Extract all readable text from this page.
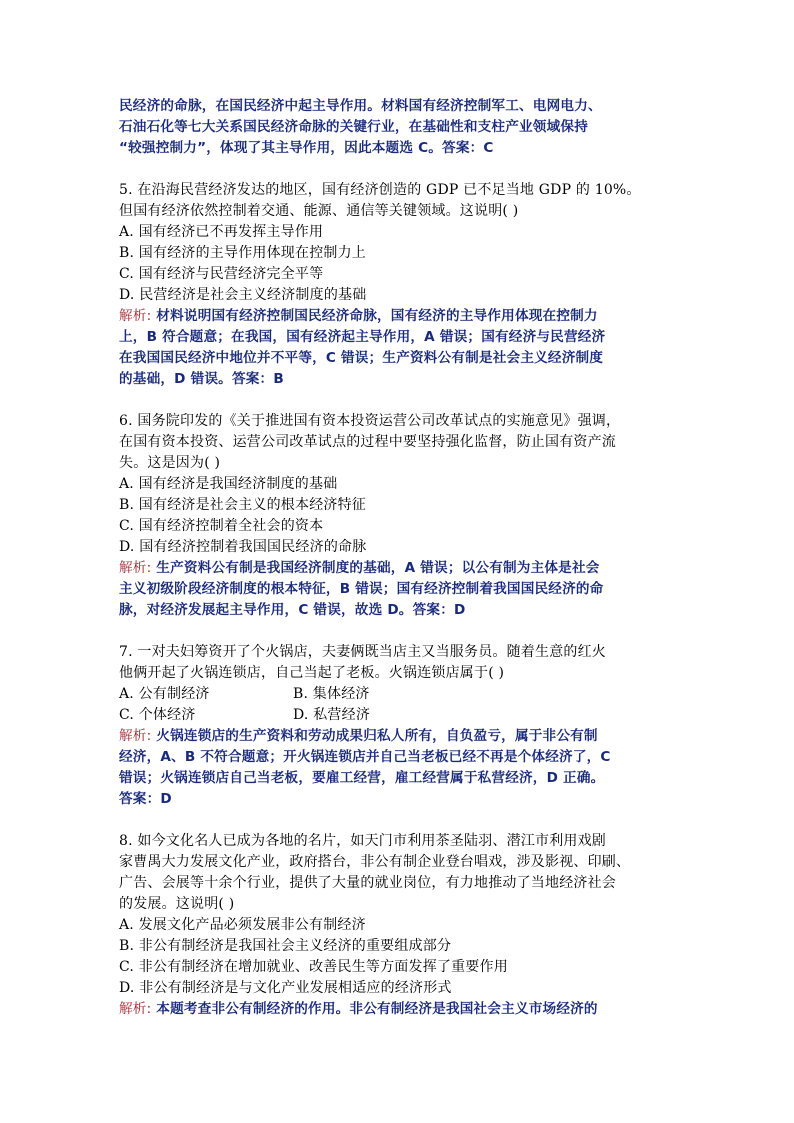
民经济的命脉，在国民经济中起主导作用。材料国有经济控制军工、电网电力、
石油石化等七大关系国民经济命脉的关键行业，在基础性和支柱产业领域保持
“较强控制力”，体现了其主导作用，因此本题选 C。答案：C
5. 在沿海民营经济发达的地区，国有经济创造的 GDP 已不足当地 GDP 的 10%。
但国有经济依然控制着交通、能源、通信等关键领域。这说明( )
A. 国有经济已不再发挥主导作用
B. 国有经济的主导作用体现在控制力上
C. 国有经济与民营经济完全平等
D. 民营经济是社会主义经济制度的基础
解析: 材料说明国有经济控制国民经济命脉，国有经济的主导作用体现在控制力
上，B 符合题意；在我国，国有经济起主导作用，A 错误；国有经济与民营经济
在我国国民经济中地位并不平等，C 错误；生产资料公有制是社会主义经济制度
的基础，D 错误。答案：B
6. 国务院印发的《关于推进国有资本投资运营公司改革试点的实施意见》强调，
在国有资本投资、运营公司改革试点的过程中要坚持强化监督，防止国有资产流
失。这是因为( )
A. 国有经济是我国经济制度的基础
B. 国有经济是社会主义的根本经济特征
C. 国有经济控制着全社会的资本
D. 国有经济控制着我国国民经济的命脉
解析: 生产资料公有制是我国经济制度的基础，A 错误；以公有制为主体是社会
主义初级阶段经济制度的根本特征，B 错误；国有经济控制着我国国民经济的命
脉，对经济发展起主导作用，C 错误，故选 D。答案：D
7. 一对夫妇筹资开了个火锅店，夫妻俩既当店主又当服务员。随着生意的红火
他俩开起了火锅连锁店，自己当起了老板。火锅连锁店属于( )
A. 公有制经济	B. 集体经济
C. 个体经济	D. 私营经济
解析: 火锅连锁店的生产资料和劳动成果归私人所有，自负盈亏，属于非公有制
经济，A、B 不符合题意；开火锅连锁店并自己当老板已经不再是个体经济了，C
错误；火锅连锁店自己当老板，要雇工经营，雇工经营属于私营经济，D 正确。
答案：D
8. 如今文化名人已成为各地的名片，如天门市利用茶圣陆羽、潜江市利用戏剧
家曹禺大力发展文化产业，政府搭台，非公有制企业登台唱戏，涉及影视、印刷、
广告、会展等十余个行业，提供了大量的就业岗位，有力地推动了当地经济社会
的发展。这说明( )
A. 发展文化产品必须发展非公有制经济
B. 非公有制经济是我国社会主义经济的重要组成部分
C. 非公有制经济在增加就业、改善民生等方面发挥了重要作用
D. 非公有制经济是与文化产业发展相适应的经济形式
解析: 本题考查非公有制经济的作用。非公有制经济是我国社会主义市场经济的
